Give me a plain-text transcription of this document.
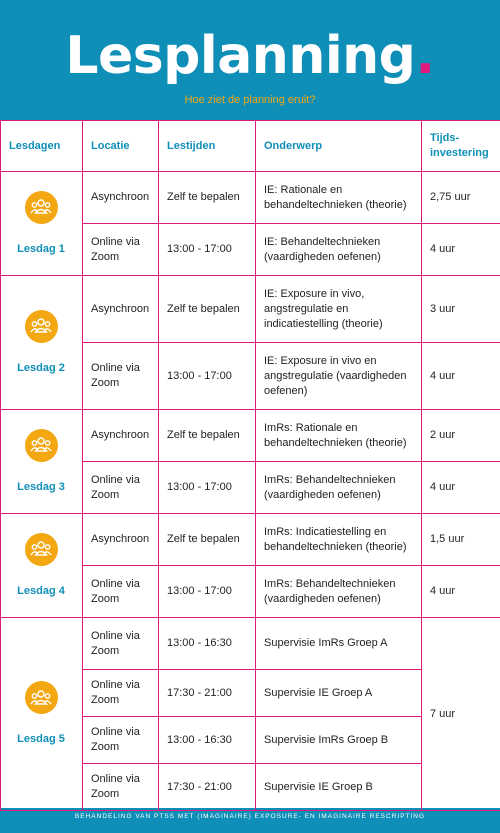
Lesplanning.
Hoe ziet de planning eruit?
Lesdagen	Locatie	Lestijden	Onderwerp	Tijds-
investering

Lesdag 1	Asynchroon	Zelf te bepalen	IE: Rationale en behandeltechnieken (theorie)	2,75 uur
	Online via Zoom	13:00 - 17:00	IE: Behandeltechnieken (vaardigheden oefenen)	4 uur

Lesdag 2	Asynchroon	Zelf te bepalen	IE: Exposure in vivo, angstregulatie en indicatiestelling (theorie)	3 uur
	Online via Zoom	13:00 - 17:00	IE: Exposure in vivo en angstregulatie (vaardigheden oefenen)	4 uur

Lesdag 3	Asynchroon	Zelf te bepalen	ImRs: Rationale en behandeltechnieken (theorie)	2 uur
	Online via Zoom	13:00 - 17:00	ImRs: Behandeltechnieken (vaardigheden oefenen)	4 uur

Lesdag 4	Asynchroon	Zelf te bepalen	ImRs: Indicatiestelling en behandeltechnieken (theorie)	1,5 uur
	Online via Zoom	13:00 - 17:00	ImRs: Behandeltechnieken (vaardigheden oefenen)	4 uur

Lesdag 5	Online via Zoom	13:00 - 16:30	Supervisie ImRs Groep A	7 uur
	Online via Zoom	17:30 - 21:00	Supervisie IE Groep A	
	Online via Zoom	13:00 - 16:30	Supervisie ImRs Groep B	
	Online via Zoom	17:30 - 21:00	Supervisie IE Groep B	
BEHANDELING VAN PTSS MET (IMAGINAIRE) EXPOSURE- EN IMAGINAIRE RESCRIPTING
